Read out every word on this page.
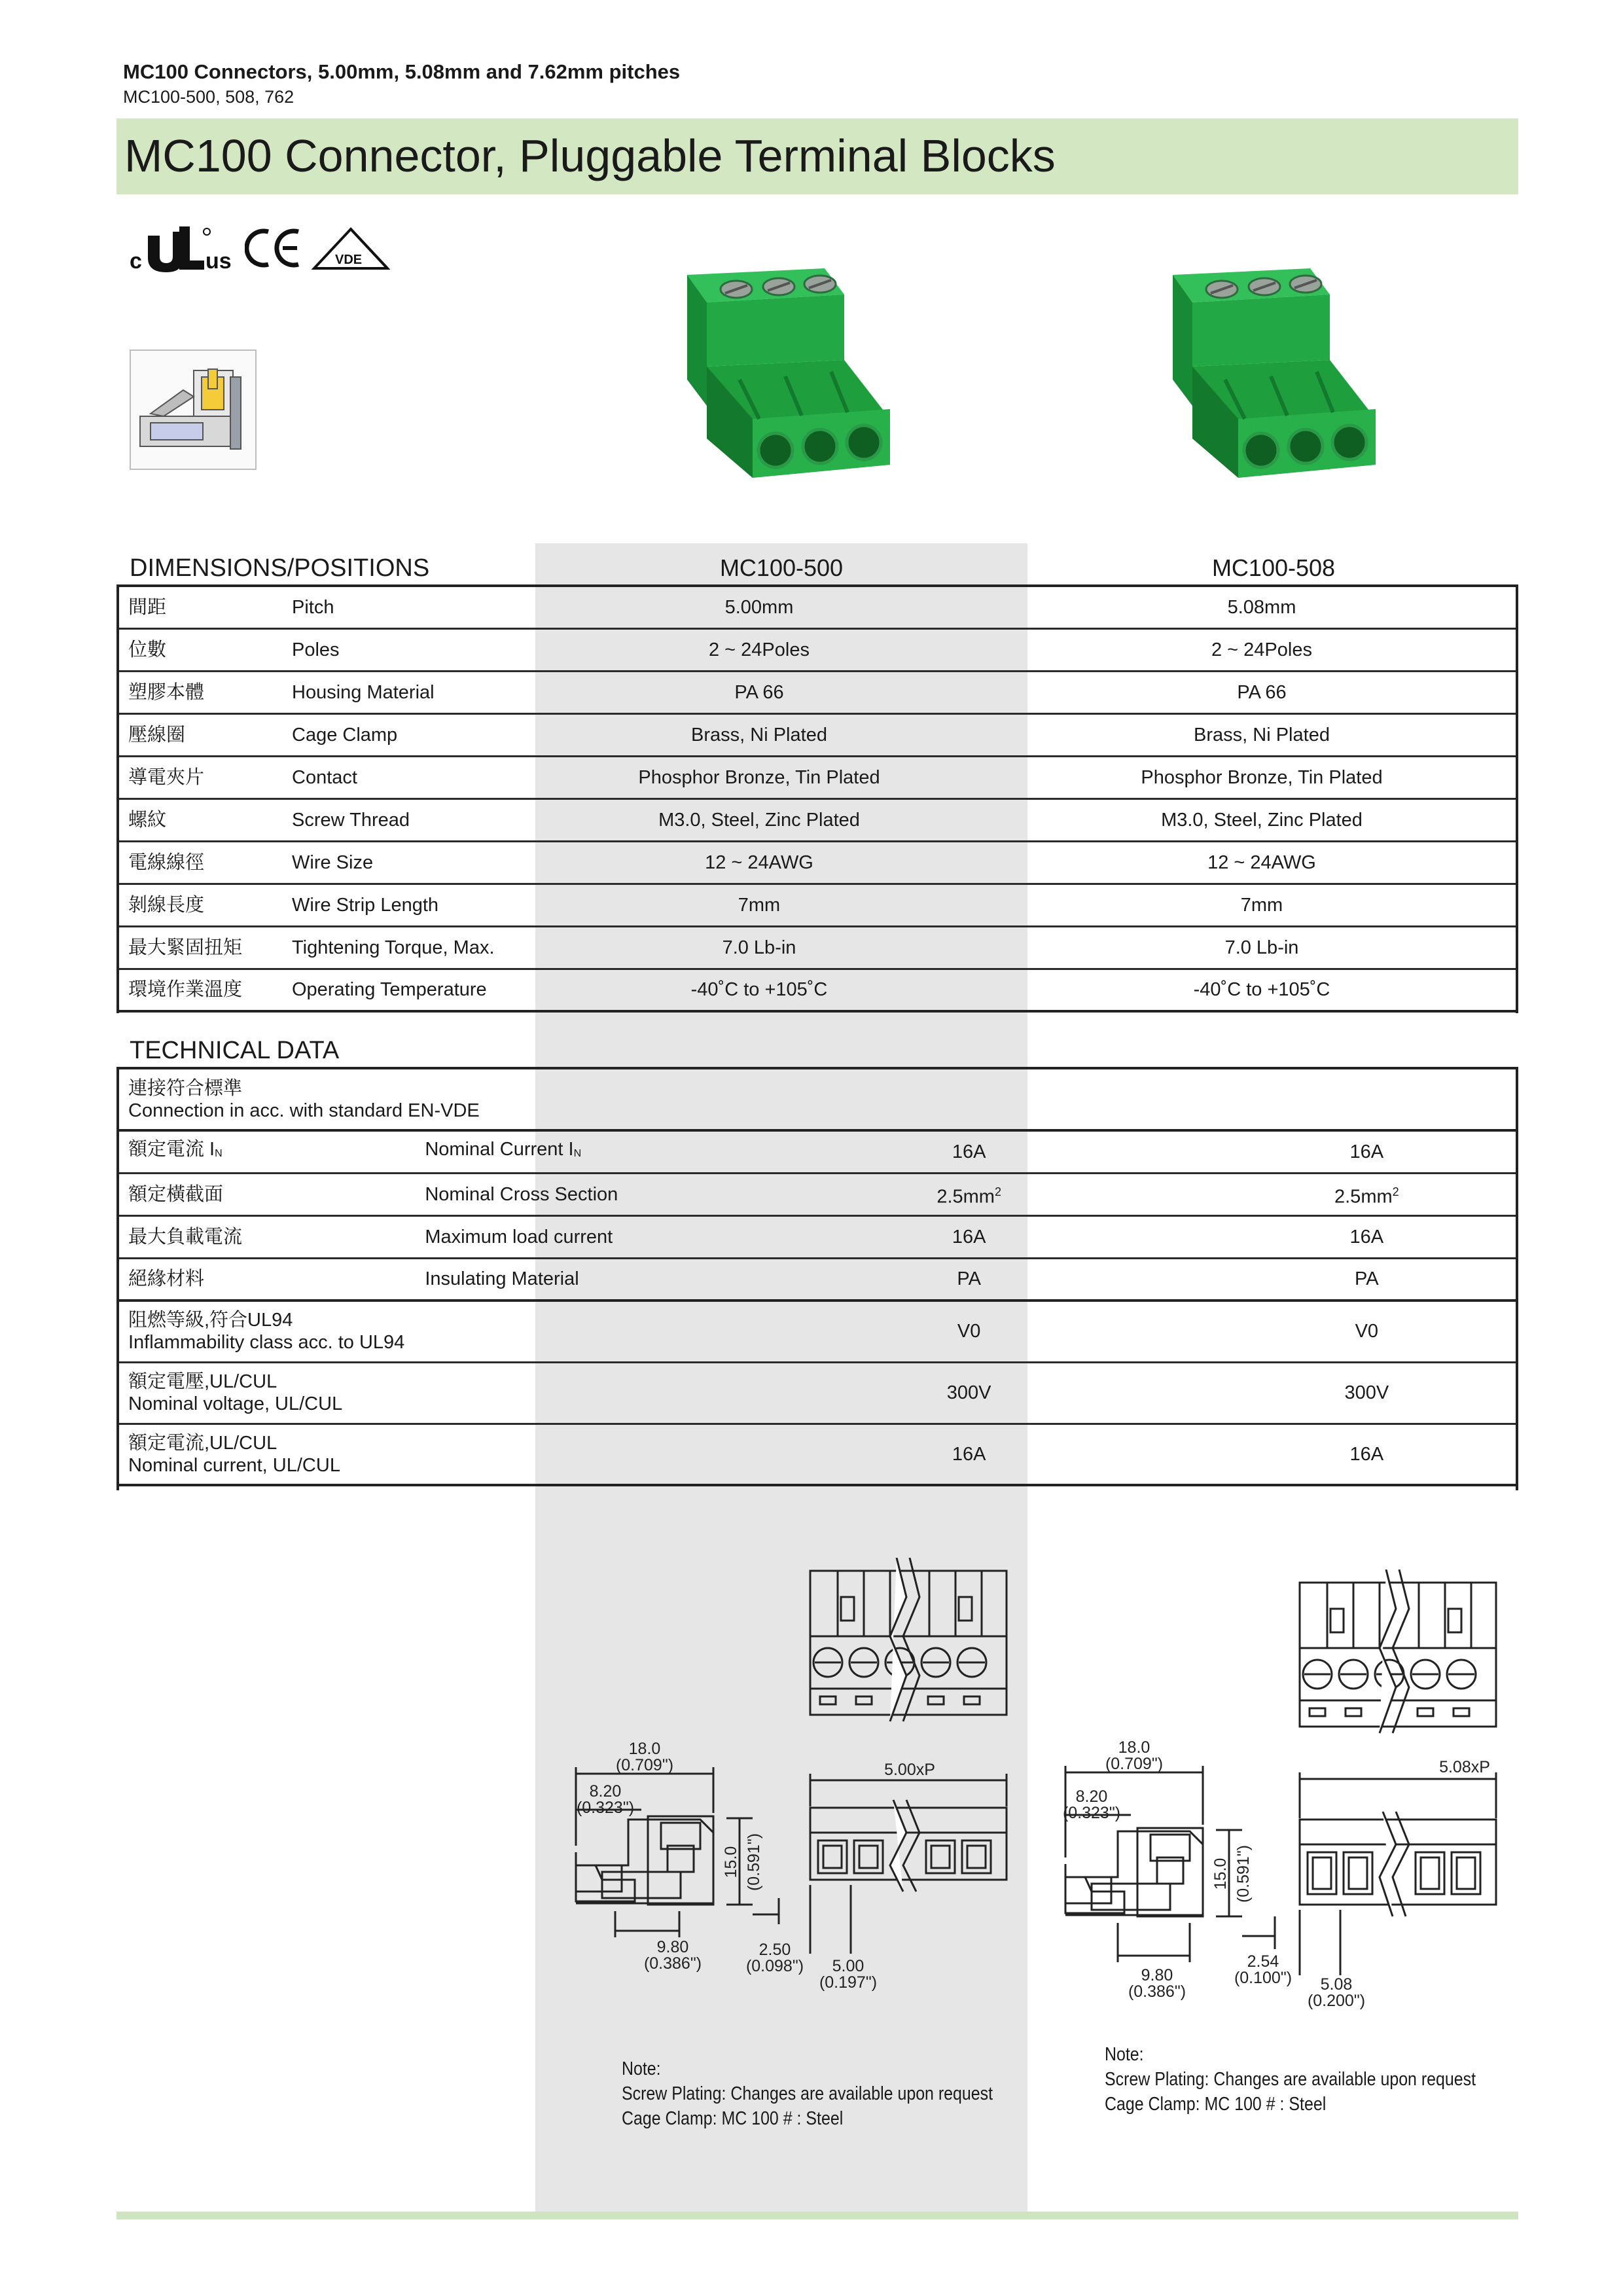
MC100 Connectors, 5.00mm, 5.08mm and 7.62mm pitches
MC100-500, 508, 762
MC100 Connector, Pluggable Terminal Blocks
c	us	VDE
DIMENSIONS/POSITIONS	MC100-500	MC100-508
間距	Pitch	5.00mm	5.08mm
位數	Poles	2 ~ 24Poles	2 ~ 24Poles
塑膠本體	Housing Material	PA 66	PA 66
壓線圈	Cage Clamp	Brass, Ni Plated	Brass, Ni Plated
導電夾片	Contact	Phosphor Bronze, Tin Plated	Phosphor Bronze, Tin Plated
螺紋	Screw Thread	M3.0, Steel, Zinc Plated	M3.0, Steel, Zinc Plated
電線線徑	Wire Size	12 ~ 24AWG	12 ~ 24AWG
剝線長度	Wire Strip Length	7mm	7mm
最大緊固扭矩	Tightening Torque, Max.	7.0 Lb-in	7.0 Lb-in
環境作業溫度	Operating Temperature	-40˚C to +105˚C	-40˚C to +105˚C
TECHNICAL DATA
連接符合標準
Connection in acc. with standard EN-VDE			

額定電流 IN	Nominal Current IN	16A	16A
額定橫截面	Nominal Cross Section	$2.5mm^2$	$2.5mm^2$
最大負載電流	Maximum load current	16A	16A
絕緣材料	Insulating Material	PA	PA

阻燃等級,符合UL94
Inflammability class acc. to UL94		V0	V0

額定電壓,UL/CUL
Nominal voltage, UL/CUL		300V	300V

額定電流,UL/CUL
Nominal current, UL/CUL		16A	16A
18.0
(0.709")
8.20
(0.323")
15.0 (0.591")
9.80
(0.386")
2.50
(0.098") 5.00
(0.197")
5.00xP
18.0
(0.709")
8.20
(0.323")
15.0 (0.591")
9.80
(0.386")
2.54
(0.100") 5.08
(0.200")
5.08xP
Note:
Screw Plating: Changes are available upon request
Cage Clamp: MC 100 # : Steel
Note:
Screw Plating: Changes are available upon request
Cage Clamp: MC 100 # : Steel
